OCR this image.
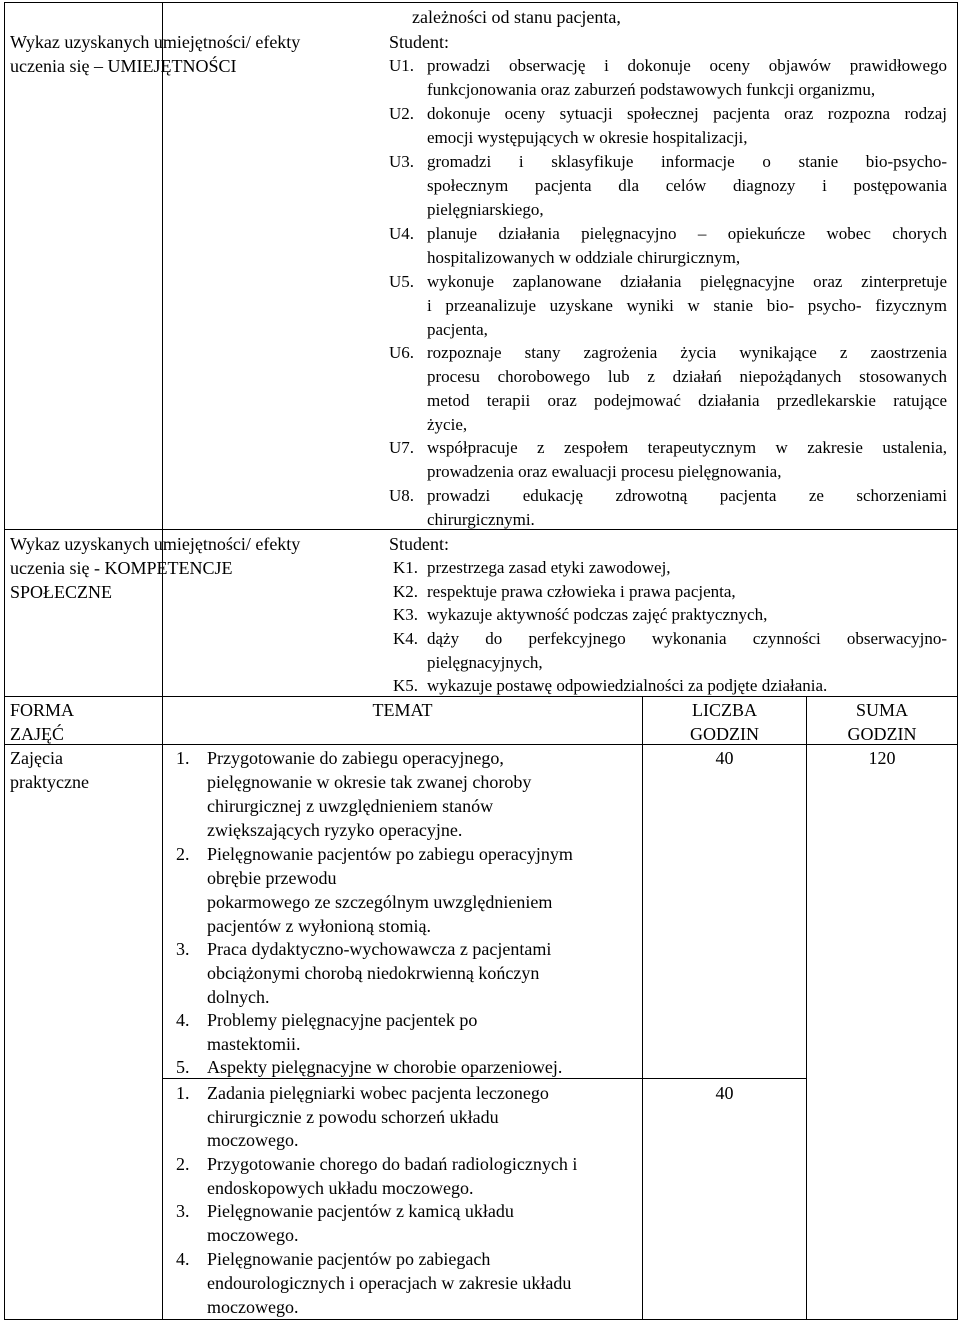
zależności od stanu pacjenta,
Wykaz uzyskanych umiejętności/ efekty
uczenia się – UMIEJĘTNOŚCI
Student:
U1. prowadzi obserwację i dokonuje oceny objawów prawidłowego
funkcjonowania oraz zaburzeń podstawowych funkcji organizmu,
U2. dokonuje oceny sytuacji społecznej pacjenta oraz rozpozna rodzaj
emocji występujących w okresie hospitalizacji,
U3. gromadzi i sklasyfikuje informacje o stanie bio-psycho-
społecznym pacjenta dla celów diagnozy i postępowania
pielęgniarskiego,
U4. planuje działania pielęgnacyjno – opiekuńcze wobec chorych
hospitalizowanych w oddziale chirurgicznym,
U5. wykonuje zaplanowane działania pielęgnacyjne oraz zinterpretuje
i przeanalizuje uzyskane wyniki w stanie bio- psycho- fizycznym
pacjenta,
U6. rozpoznaje stany zagrożenia życia wynikające z zaostrzenia
procesu chorobowego lub z działań niepożądanych stosowanych
metod terapii oraz podejmować działania przedlekarskie ratujące
życie,
U7. współpracuje z zespołem terapeutycznym w zakresie ustalenia,
prowadzenia oraz ewaluacji procesu pielęgnowania,
U8. prowadzi edukację zdrowotną pacjenta ze schorzeniami
chirurgicznymi.
Wykaz uzyskanych umiejętności/ efekty
uczenia się - KOMPETENCJE
SPOŁECZNE
Student:
K1. przestrzega zasad etyki zawodowej,
K2. respektuje prawa człowieka i prawa pacjenta,
K3. wykazuje aktywność podczas zajęć praktycznych,
K4. dąży do perfekcyjnego wykonania czynności obserwacyjno-
pielęgnacyjnych,
K5. wykazuje postawę odpowiedzialności za podjęte działania.
FORMA
ZAJĘĆ
TEMAT	LICZBA
GODZIN
SUMA
GODZIN
Zajęcia
praktyczne
40	120
40
1. Przygotowanie do zabiegu operacyjnego,
pielęgnowanie w okresie tak zwanej choroby
chirurgicznej z uwzględnieniem stanów
zwiększających ryzyko operacyjne.
2. Pielęgnowanie pacjentów po zabiegu operacyjnym
obrębie przewodu
pokarmowego ze szczególnym uwzględnieniem
pacjentów z wyłonioną stomią.
3. Praca dydaktyczno-wychowawcza z pacjentami
obciążonymi chorobą niedokrwienną kończyn
dolnych.
4. Problemy pielęgnacyjne pacjentek po
mastektomii.
5. Aspekty pielęgnacyjne w chorobie oparzeniowej.
1. Zadania pielęgniarki wobec pacjenta leczonego
chirurgicznie z powodu schorzeń układu
moczowego.
2. Przygotowanie chorego do badań radiologicznych i
endoskopowych układu moczowego.
3. Pielęgnowanie pacjentów z kamicą układu
moczowego.
4. Pielęgnowanie pacjentów po zabiegach
endourologicznych i operacjach w zakresie układu
moczowego.
